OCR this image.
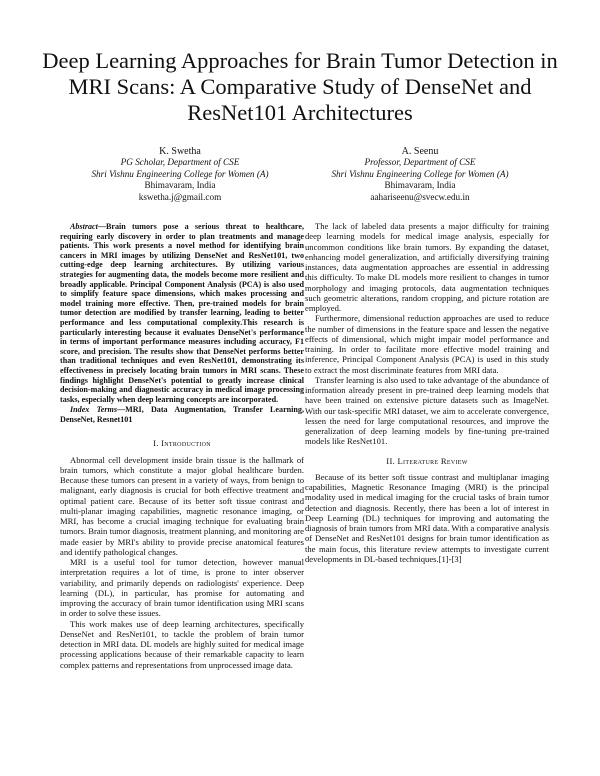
Deep Learning Approaches for Brain Tumor Detection in MRI Scans: A Comparative Study of DenseNet and ResNet101 Architectures
K. Swetha
PG Scholar, Department of CSE
Shri Vishnu Engineering College for Women (A)
Bhimavaram, India
kswetha.j@gmail.com
A. Seenu
Professor, Department of CSE
Shri Vishnu Engineering College for Women (A)
Bhimavaram, India
aahariseenu@svecw.edu.in

Abstract—Brain tumors pose a serious threat to healthcare, requiring early discovery in order to plan treatments and manage patients. This work presents a novel method for identifying brain cancers in MRI images by utilizing DenseNet and ResNet101, two cutting-edge deep learning architectures. By utilizing various strategies for augmenting data, the models become more resilient and broadly applicable. Principal Component Analysis (PCA) is also used to simplify feature space dimensions, which makes processing and model training more effective. Then, pre-trained models for brain tumor detection are modified by transfer learning, leading to better performance and less computational complexity.This research is particularly interesting because it evaluates DenseNet's performance in terms of important performance measures including accuracy, F1 score, and precision. The results show that DenseNet performs better than traditional techniques and even ResNet101, demonstrating its effectiveness in precisely locating brain tumors in MRI scans. These findings highlight DenseNet's potential to greatly increase clinical decision-making and diagnostic accuracy in medical image processing tasks, especially when deep learning concepts are incorporated.

Index Terms—MRI, Data Augmentation, Transfer Learning, DenseNet, Resnet101

I. Introduction

Abnormal cell development inside brain tissue is the hallmark of brain tumors, which constitute a major global healthcare burden. Because these tumors can present in a variety of ways, from benign to malignant, early diagnosis is crucial for both effective treatment and optimal patient care. Because of its better soft tissue contrast and multi-planar imaging capabilities, magnetic resonance imaging, or MRI, has become a crucial imaging technique for evaluating brain tumors. Brain tumor diagnosis, treatment planning, and monitoring are made easier by MRI's ability to provide precise anatomical features and identify pathological changes.

MRI is a useful tool for tumor detection, however manual interpretation requires a lot of time, is prone to inter observer variability, and primarily depends on radiologists' experience. Deep learning (DL), in particular, has promise for automating and improving the accuracy of brain tumor identification using MRI scans in order to solve these issues.

This work makes use of deep learning architectures, specifically DenseNet and ResNet101, to tackle the problem of brain tumor detection in MRI data. DL models are highly suited for medical image processing applications because of their remarkable capacity to learn complex patterns and representations from unprocessed image data.

The lack of labeled data presents a major difficulty for training deep learning models for medical image analysis, especially for uncommon conditions like brain tumors. By expanding the dataset, enhancing model generalization, and artificially diversifying training instances, data augmentation approaches are essential in addressing this difficulty. To make DL models more resilient to changes in tumor morphology and imaging protocols, data augmentation techniques such geometric alterations, random cropping, and picture rotation are employed.

Furthermore, dimensional reduction approaches are used to reduce the number of dimensions in the feature space and lessen the negative effects of dimensional, which might impair model performance and training. In order to facilitate more effective model training and inference, Principal Component Analysis (PCA) is used in this study to extract the most discriminate features from MRI data.

Transfer learning is also used to take advantage of the abundance of information already present in pre-trained deep learning models that have been trained on extensive picture datasets such as ImageNet. With our task-specific MRI dataset, we aim to accelerate convergence, lessen the need for large computational resources, and improve the generalization of deep learning models by fine-tuning pre-trained models like ResNet101.

II. Literature Review

Because of its better soft tissue contrast and multiplanar imaging capabilities, Magnetic Resonance Imaging (MRI) is the principal modality used in medical imaging for the crucial tasks of brain tumor detection and diagnosis. Recently, there has been a lot of interest in Deep Learning (DL) techniques for improving and automating the diagnosis of brain tumors from MRI data. With a comparative analysis of DenseNet and ResNet101 designs for brain tumor identification as the main focus, this literature review attempts to investigate current developments in DL-based techniques.[1]-[3]
